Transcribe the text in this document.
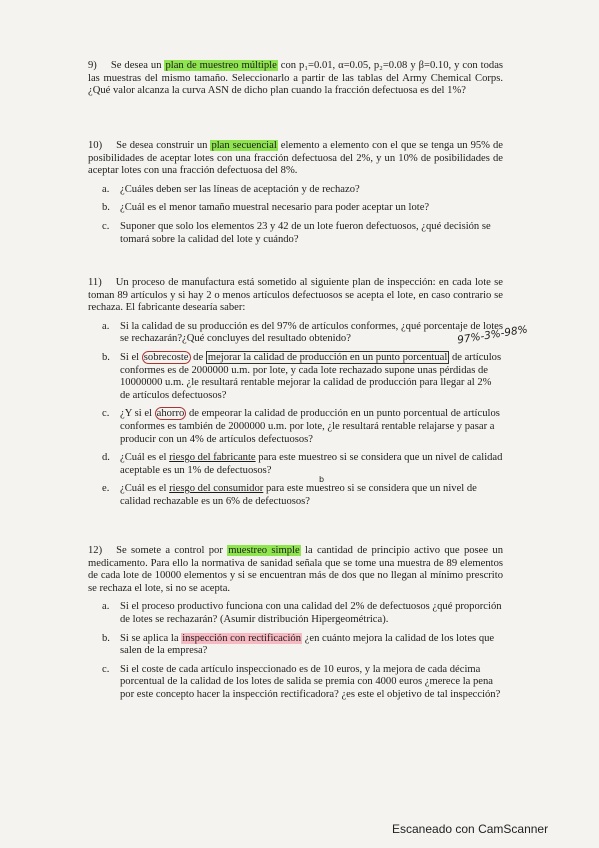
9) Se desea un plan de muestreo múltiple con p₁=0.01, α=0.05, p₂=0.08 y β=0.10, y con todas las muestras del mismo tamaño. Seleccionarlo a partir de las tablas del Army Chemical Corps. ¿Qué valor alcanza la curva ASN de dicho plan cuando la fracción defectuosa es del 1%?

10) Se desea construir un plan secuencial elemento a elemento con el que se tenga un 95% de posibilidades de aceptar lotes con una fracción defectuosa del 2%, y un 10% de posibilidades de aceptar lotes con una fracción defectuosa del 8%.

a. ¿Cuáles deben ser las líneas de aceptación y de rechazo?
b. ¿Cuál es el menor tamaño muestral necesario para poder aceptar un lote?
c. Suponer que solo los elementos 23 y 42 de un lote fueron defectuosos, ¿qué decisión se tomará sobre la calidad del lote y cuándo?

11) Un proceso de manufactura está sometido al siguiente plan de inspección: en cada lote se toman 89 artículos y si hay 2 o menos artículos defectuosos se acepta el lote, en caso contrario se rechaza. El fabricante desearía saber:

a. Si la calidad de su producción es del 97% de artículos conformes, ¿qué porcentaje de lotes se rechazarán?¿Qué concluyes del resultado obtenido?
b. Si el sobrecoste de mejorar la calidad de producción en un punto porcentual de artículos conformes es de 2000000 u.m. por lote, y cada lote rechazado supone unas pérdidas de 10000000 u.m. ¿le resultará rentable mejorar la calidad de producción para llegar al 2% de artículos defectuosos?
c. ¿Y si el ahorro de empeorar la calidad de producción en un punto porcentual de artículos conformes es también de 2000000 u.m. por lote, ¿le resultará rentable relajarse y pasar a producir con un 4% de artículos defectuosos?
d. ¿Cuál es el riesgo del fabricante para este muestreo si se considera que un nivel de calidad aceptable es un 1% de defectuosos?
e. ¿Cuál es el riesgo del consumidor para este muestreo si se considera que un nivel de calidad rechazable es un 6% de defectuosos?
97%-3%-98%
b

12) Se somete a control por muestreo simple la cantidad de principio activo que posee un medicamento. Para ello la normativa de sanidad señala que se tome una muestra de 89 elementos de cada lote de 10000 elementos y si se encuentran más de dos que no llegan al mínimo prescrito se rechaza el lote, si no se acepta.

a. Si el proceso productivo funciona con una calidad del 2% de defectuosos ¿qué proporción de lotes se rechazarán? (Asumir distribución Hipergeométrica).
b. Si se aplica la inspección con rectificación ¿en cuánto mejora la calidad de los lotes que salen de la empresa?
c. Si el coste de cada artículo inspeccionado es de 10 euros, y la mejora de cada décima porcentual de la calidad de los lotes de salida se premia con 4000 euros ¿merece la pena por este concepto hacer la inspección rectificadora? ¿es este el objetivo de tal inspección?
Escaneado con CamScanner
